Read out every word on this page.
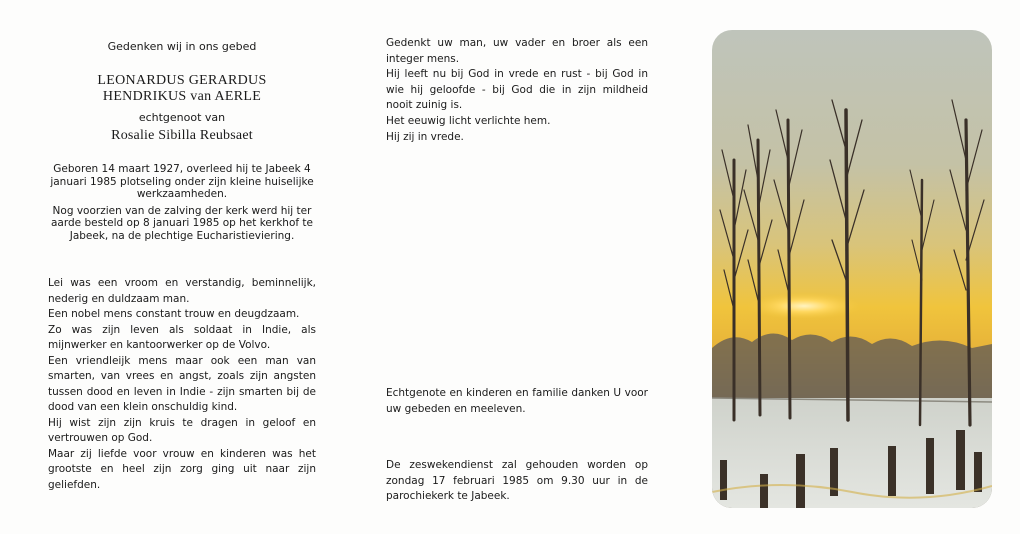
Gedenken wij in ons gebed

LEONARDUS GERARDUS

HENDRIKUS van AERLE

echtgenoot van

Rosalie Sibilla Reubsaet

Geboren 14 maart 1927, overleed hij te Jabeek 4 januari 1985 plotseling onder zijn kleine huiselijke werkzaamheden.

Nog voorzien van de zalving der kerk werd hij ter aarde besteld op 8 januari 1985 op het kerkhof te Jabeek, na de plechtige Eucharistieviering.

Lei was een vroom en verstandig, beminnelijk, nederig en duldzaam man.

Een nobel mens constant trouw en deugdzaam.

Zo was zijn leven als soldaat in Indie, als mijnwerker en kantoorwerker op de Volvo.

Een vriendleijk mens maar ook een man van smarten, van vrees en angst, zoals zijn angsten tussen dood en leven in Indie - zijn smarten bij de dood van een klein onschuldig kind.

Hij wist zijn zijn kruis te dragen in geloof en vertrouwen op God.

Maar zij liefde voor vrouw en kinderen was het grootste en heel zijn zorg ging uit naar zijn geliefden.

Gedenkt uw man, uw vader en broer als een integer mens.

Hij leeft nu bij God in vrede en rust - bij God in wie hij geloofde - bij God die in zijn mildheid nooit zuinig is.

Het eeuwig licht verlichte hem.

Hij zij in vrede.

Echtgenote en kinderen en familie danken U voor uw gebeden en meeleven.

De zeswekendienst zal gehouden worden op zondag 17 februari 1985 om 9.30 uur in de parochiekerk te Jabeek.
